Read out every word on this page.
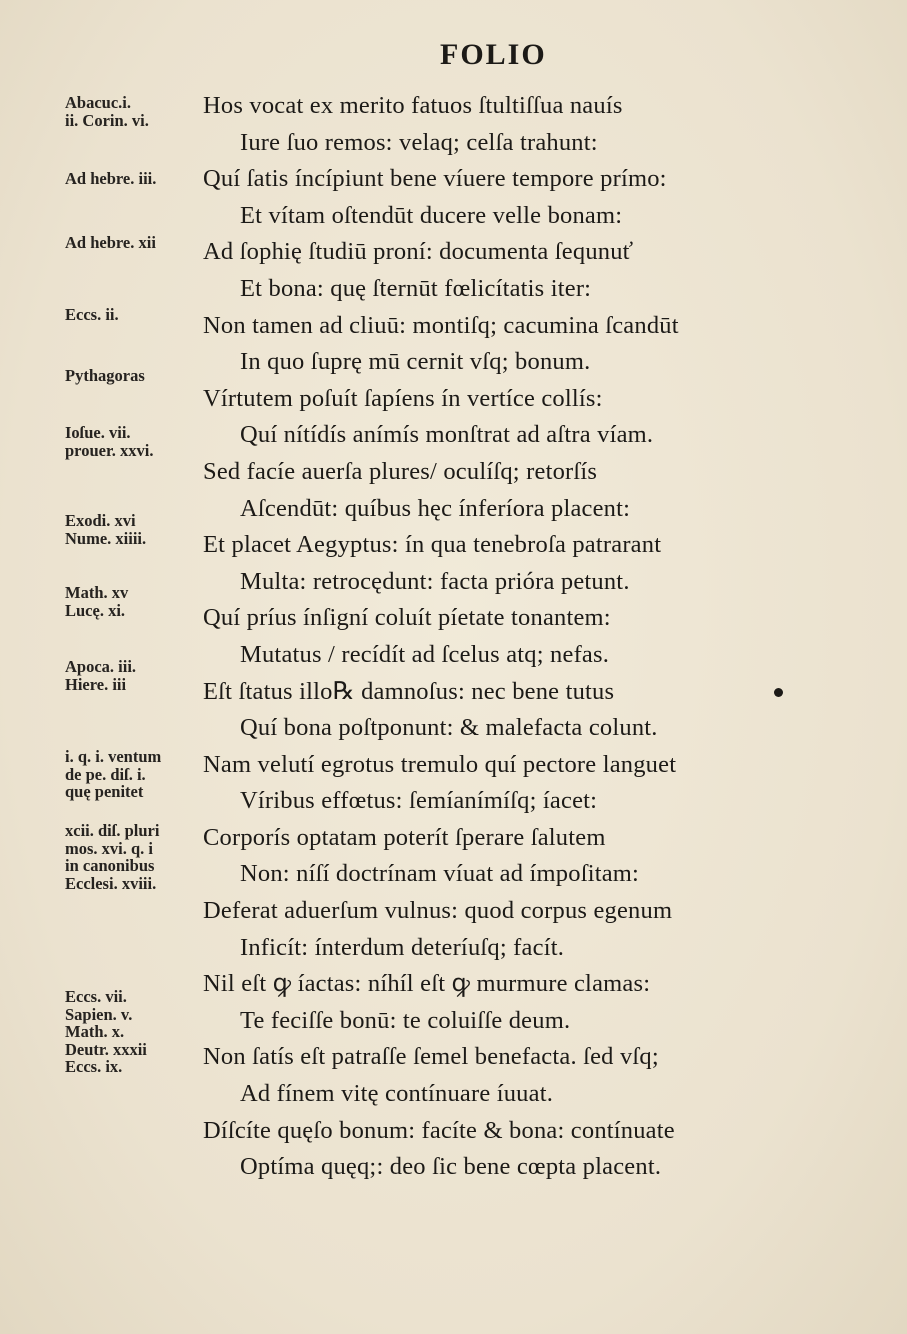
FOLIO
Hos vocat ex merito fatuos ſtultiſſua nauís
Iure ſuo remos: velaq; celſa trahunt:
Quí ſatis íncípiunt bene víuere tempore prímo:
Et vítam oſtendūt ducere velle bonam:
Ad ſophię ſtudiū proní: documenta ſequnuť
Et bona: quę ſternūt fœlicítatis iter:
Non tamen ad cliuū: montiſq; cacumina ſcandūt
In quo ſuprę mū cernit vſq; bonum.
Vírtutem poſuít ſapíens ín vertíce collís:
Quí nítídís anímís monſtrat ad aſtra víam.
Sed facíe auerſa plures/ oculíſq; retorſís
Aſcendūt: quíbus hęc ínferíora placent:
Et placet Aegyptus: ín qua tenebroſa patrarant
Multa: retrocędunt: facta prióra petunt.
Quí príus ínſigní coluít píetate tonantem:
Mutatus / recídít ad ſcelus atq; nefas.
Eſt ſtatus illo℞ damnoſus: nec bene tutus
Quí bona poſtponunt: & malefacta colunt.
Nam velutí egrotus tremulo quí pectore languet
Víribus effœtus: ſemíanímíſq; íacet:
Corporís optatam poterít ſperare ſalutem
Non: níſí doctrínam víuat ad ímpoſitam:
Deferat aduerſum vulnus: quod corpus egenum
Inficít: ínterdum deteríuſq; facít.
Nil eſt ꝙ íactas: níhíl eſt ꝙ murmure clamas:
Te feciſſe bonū: te coluiſſe deum.
Non ſatís eſt patraſſe ſemel benefacta. ſed vſq;
Ad fínem vitę contínuare íuuat.
Díſcíte quęſo bonum: facíte & bona: contínuate
Optíma quęq;: deo ſic bene cœpta placent.
Abacuc.i.
ii. Corin. vi.
Ad hebre. iii.
Ad hebre. xii
Eccs. ii.
Pythagoras
Ioſue. vii.
prouer. xxvi.
Exodi. xvi
Nume. xiiii.
Math. xv
Lucę. xi.
Apoca. iii.
Hiere. iii
i. q. i. ventum
de pe. diſ. i.
quę penitet
xcii. diſ. pluri
mos. xvi. q. i
in canonibus
Ecclesi. xviii.
Eccs. vii.
Sapien. v.
Math. x.
Deutr. xxxii
Eccs. ix.
